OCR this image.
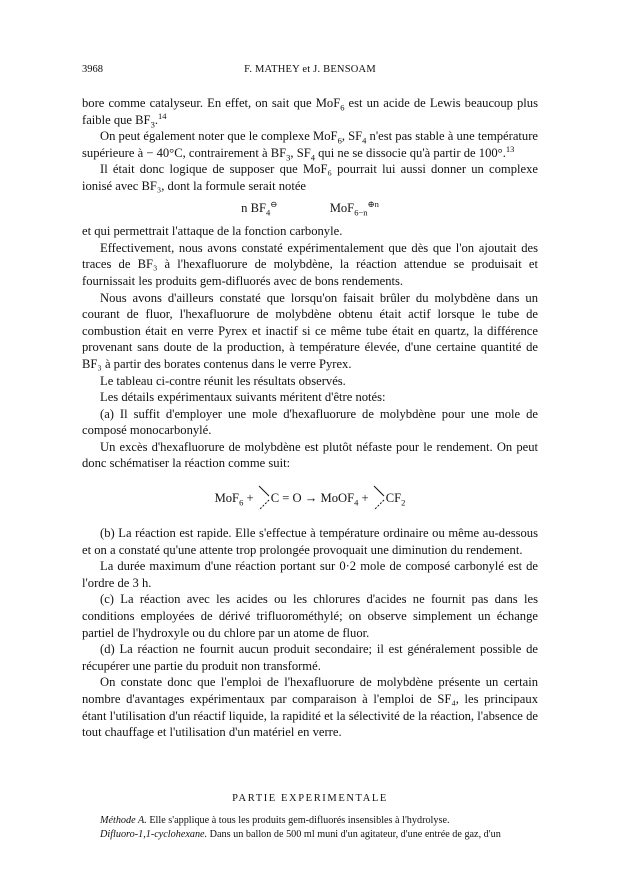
3968	F. MATHEY et J. BENSOAM

bore comme catalyseur. En effet, on sait que MoF$_6$ est un acide de Lewis beaucoup plus faible que $BF_3.^{14}$

On peut également noter que le complexe MoF$_6$, $SF_4$ n'est pas stable à une température supérieure à − 40°C, contrairement à $BF_3$, $SF_4$ qui ne se dissocie qu'à partir de 100°.$^{13}$

Il était donc logique de supposer que MoF₆ pourrait lui aussi donner un complexe ionisé avec BF₃, dont la formule serait notée

n $BF_4^⊖$	MoF$_{6-n}^{\oplus n}$

et qui permettrait l'attaque de la fonction carbonyle.

Effectivement, nous avons constaté expérimentalement que dès que l'on ajoutait des traces de BF₃ à l'hexafluorure de molybdène, la réaction attendue se produisait et fournissait les produits gem-difluorés avec de bons rendements.

Nous avons d'ailleurs constaté que lorsqu'on faisait brûler du molybdène dans un courant de fluor, l'hexafluorure de molybdène obtenu était actif lorsque le tube de combustion était en verre Pyrex et inactif si ce même tube était en quartz, la différence provenant sans doute de la production, à température élevée, d'une certaine quantité de BF₃ à partir des borates contenus dans le verre Pyrex.

Le tableau ci-contre réunit les résultats observés.

Les détails expérimentaux suivants méritent d'être notés:

(a) Il suffit d'employer une mole d'hexafluorure de molybdène pour une mole de composé monocarbonylé.

Un excès d'hexafluorure de molybdène est plutôt néfaste pour le rendement. On peut donc schématiser la réaction comme suit:

MoF$_6$ + C = O → MoOF$_4$ + $CF_2$

(b) La réaction est rapide. Elle s'effectue à température ordinaire ou même au-dessous et on a constaté qu'une attente trop prolongée provoquait une diminution du rendement.

La durée maximum d'une réaction portant sur 0·2 mole de composé carbonylé est de l'ordre de 3 h.

(c) La réaction avec les acides ou les chlorures d'acides ne fournit pas dans les conditions employées de dérivé trifluorométhylé; on observe simplement un échange partiel de l'hydroxyle ou du chlore par un atome de fluor.

(d) La réaction ne fournit aucun produit secondaire; il est généralement possible de récupérer une partie du produit non transformé.

On constate donc que l'emploi de l'hexafluorure de molybdène présente un certain nombre d'avantages expérimentaux par comparaison à l'emploi de SF₄, les principaux étant l'utilisation d'un réactif liquide, la rapidité et la sélectivité de la réaction, l'absence de tout chauffage et l'utilisation d'un matériel en verre.

PARTIE EXPERIMENTALE

Méthode A. Elle s'applique à tous les produits gem-difluorés insensibles à l'hydrolyse.

Difluoro-1,1-cyclohexane. Dans un ballon de 500 ml muni d'un agitateur, d'une entrée de gaz, d'un
